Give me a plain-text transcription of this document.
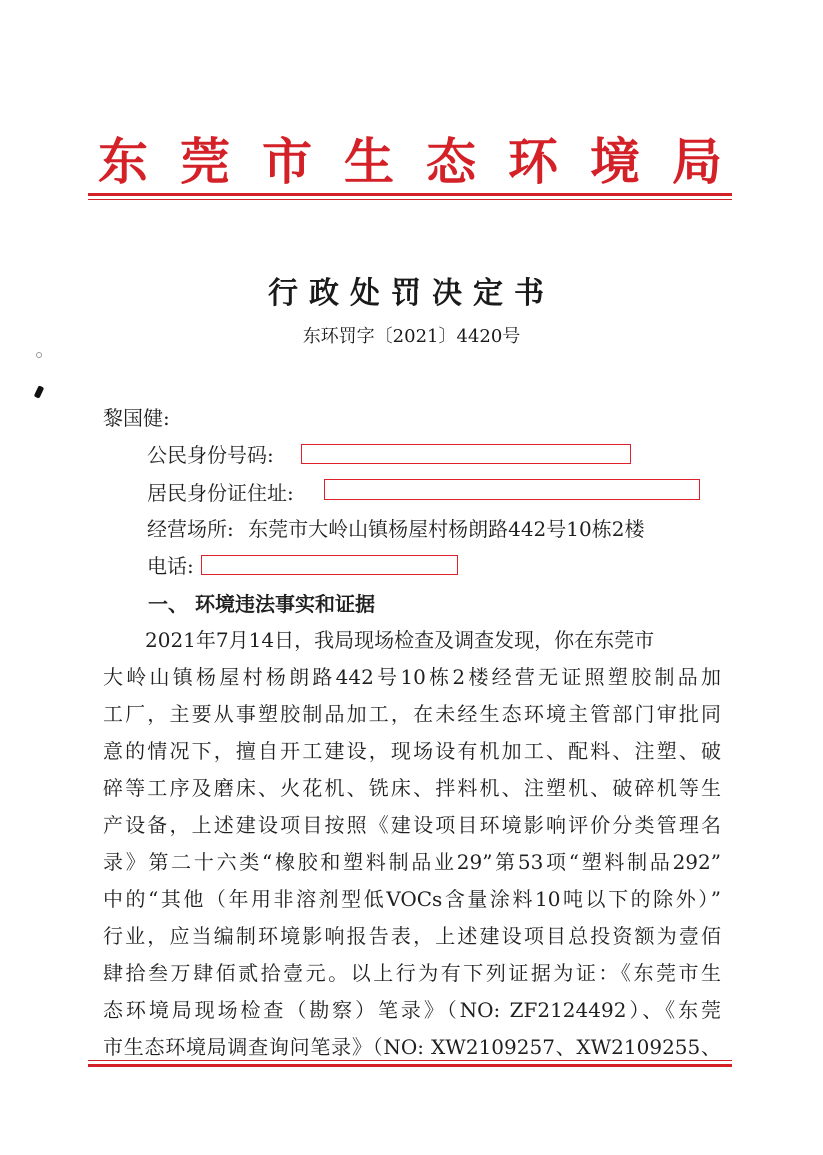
东 莞 市 生 态 环 境 局
行政处罚决定书
东环罚字〔2021〕4420号
黎国健:
公民身份号码:
居民身份证住址:
经营场所: 东莞市大岭山镇杨屋村杨朗路442号10栋2楼
电话:
一、 环境违法事实和证据
2021年7月14日，我局现场检查及调查发现，你在东莞市
大岭山镇杨屋村杨朗路442号10栋2楼经营无证照塑胶制品加
工厂，主要从事塑胶制品加工，在未经生态环境主管部门审批同
意的情况下，擅自开工建设，现场设有机加工、配料、注塑、破
碎等工序及磨床、火花机、铣床、拌料机、注塑机、破碎机等生
产设备，上述建设项目按照《建设项目环境影响评价分类管理名
录》第二十六类“橡胶和塑料制品业29”第53项“塑料制品292”
中的“其他（年用非溶剂型低VOCs含量涂料10吨以下的除外）”
行业，应当编制环境影响报告表，上述建设项目总投资额为壹佰
肆拾叁万肆佰贰拾壹元。以上行为有下列证据为证：《东莞市生
态环境局现场检查（勘察）笔录》（NO: ZF2124492）、《东莞
市生态环境局调查询问笔录》（NO: XW2109257、XW2109255、
